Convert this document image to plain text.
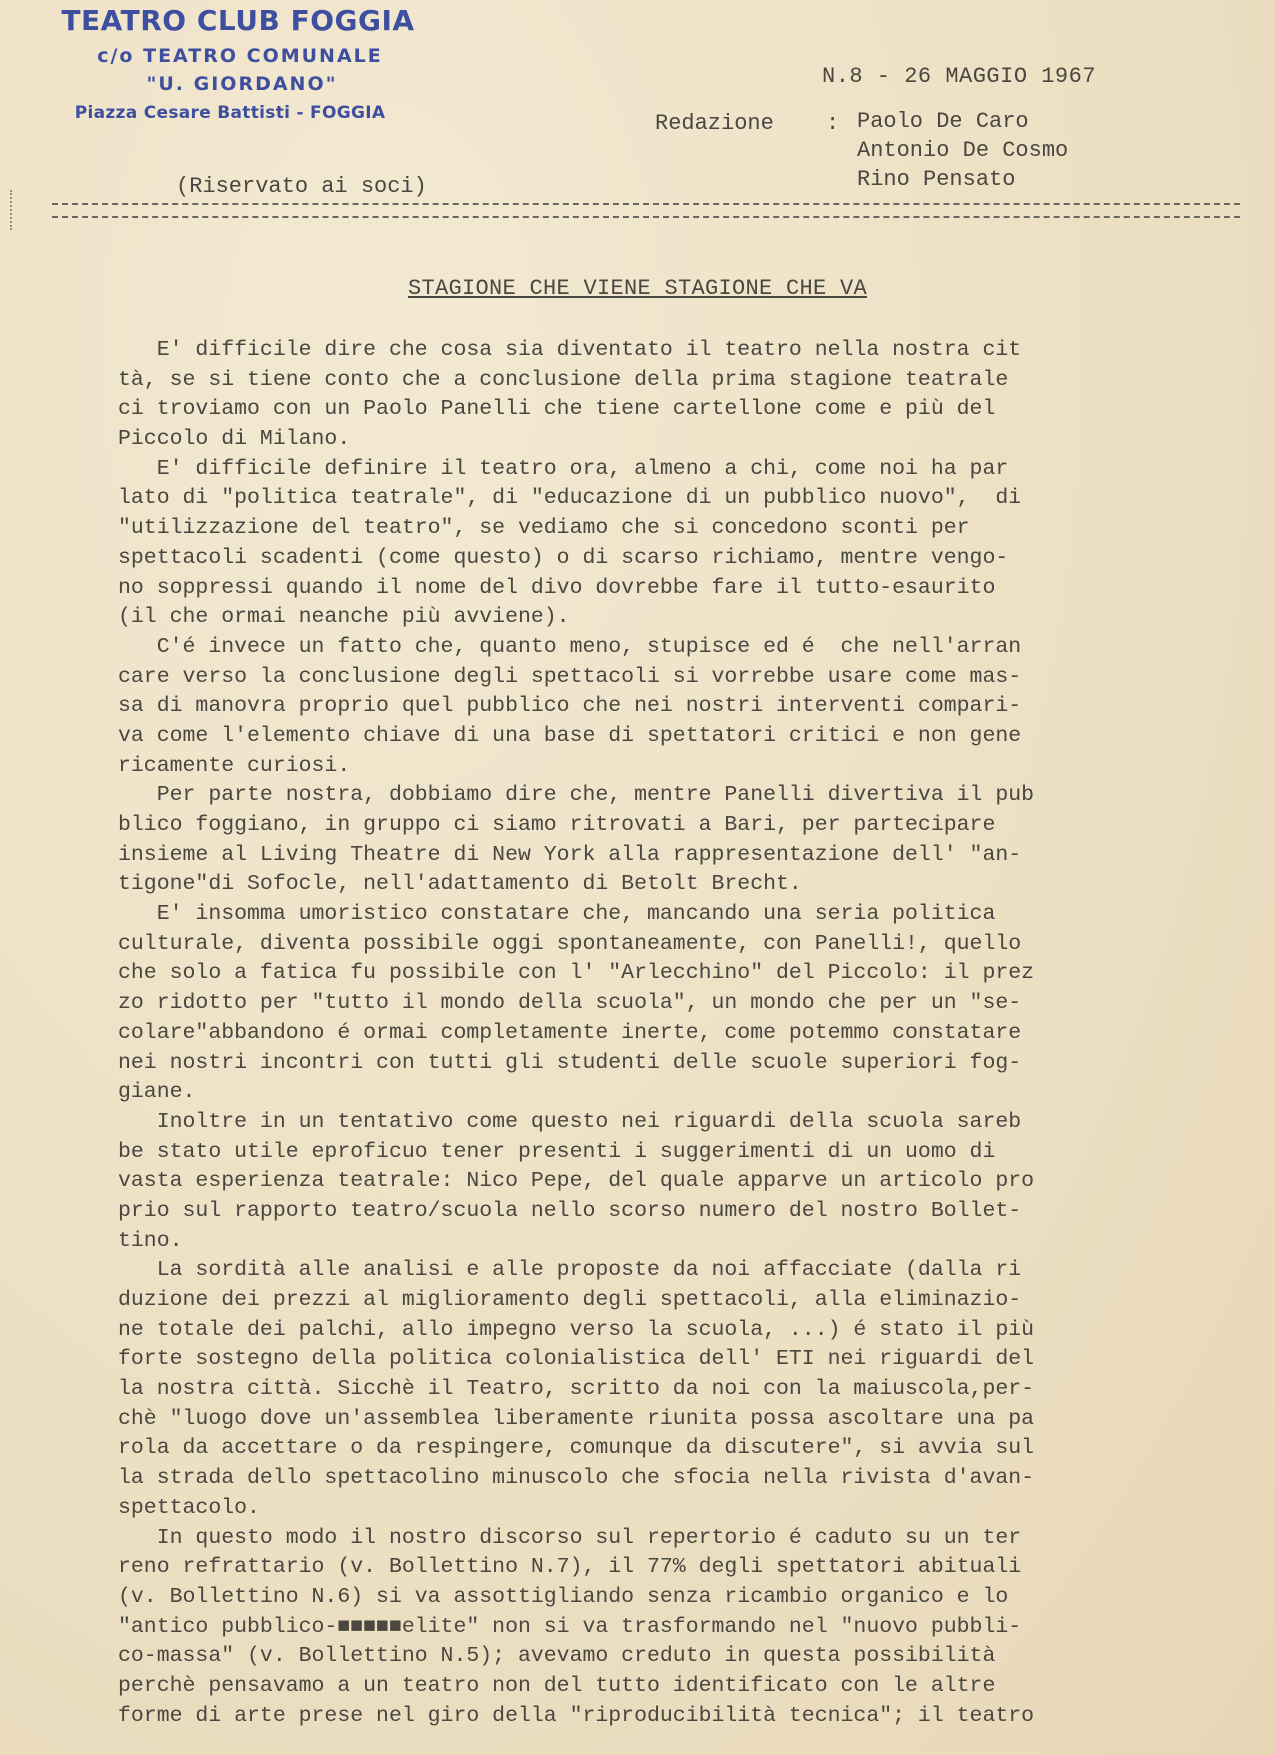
TEATRO CLUB FOGGIA
c/o TEATRO COMUNALE
"U. GIORDANO"
Piazza Cesare Battisti - FOGGIA
N.8 - 26 MAGGIO 1967
Redazione : Paolo De Caro
Antonio De Cosmo
Rino Pensato
(Riservato ai soci)
STAGIONE CHE VIENE STAGIONE CHE VA
E' difficile dire che cosa sia diventato il teatro nella nostra cit
tà, se si tiene conto che a conclusione della prima stagione teatrale
ci troviamo con un Paolo Panelli che tiene cartellone come e più del
Piccolo di Milano.
E' difficile definire il teatro ora, almeno a chi, come noi ha par
lato di "politica teatrale", di "educazione di un pubblico nuovo",  di
"utilizzazione del teatro", se vediamo che si concedono sconti per
spettacoli scadenti (come questo) o di scarso richiamo, mentre vengo-
no soppressi quando il nome del divo dovrebbe fare il tutto-esaurito
(il che ormai neanche più avviene).
C'é invece un fatto che, quanto meno, stupisce ed é  che nell'arran
care verso la conclusione degli spettacoli si vorrebbe usare come mas-
sa di manovra proprio quel pubblico che nei nostri interventi compari-
va come l'elemento chiave di una base di spettatori critici e non gene
ricamente curiosi.
Per parte nostra, dobbiamo dire che, mentre Panelli divertiva il pub
blico foggiano, in gruppo ci siamo ritrovati a Bari, per partecipare
insieme al Living Theatre di New York alla rappresentazione dell' "an-
tigone"di Sofocle, nell'adattamento di Betolt Brecht.
E' insomma umoristico constatare che, mancando una seria politica
culturale, diventa possibile oggi spontaneamente, con Panelli!, quello
che solo a fatica fu possibile con l' "Arlecchino" del Piccolo: il prez
zo ridotto per "tutto il mondo della scuola", un mondo che per un "se-
colare"abbandono é ormai completamente inerte, come potemmo constatare
nei nostri incontri con tutti gli studenti delle scuole superiori fog-
giane.
Inoltre in un tentativo come questo nei riguardi della scuola sareb
be stato utile eproficuo tener presenti i suggerimenti di un uomo di
vasta esperienza teatrale: Nico Pepe, del quale apparve un articolo pro
prio sul rapporto teatro/scuola nello scorso numero del nostro Bollet-
tino.
La sordità alle analisi e alle proposte da noi affacciate (dalla ri
duzione dei prezzi al miglioramento degli spettacoli, alla eliminazio-
ne totale dei palchi, allo impegno verso la scuola, ...) é stato il più
forte sostegno della politica colonialistica dell' ETI nei riguardi del
la nostra città. Sicchè il Teatro, scritto da noi con la maiuscola,per-
chè "luogo dove un'assemblea liberamente riunita possa ascoltare una pa
rola da accettare o da respingere, comunque da discutere", si avvia sul
la strada dello spettacolino minuscolo che sfocia nella rivista d'avan-
spettacolo.
In questo modo il nostro discorso sul repertorio é caduto su un ter
reno refrattario (v. Bollettino N.7), il 77% degli spettatori abituali
(v. Bollettino N.6) si va assottigliando senza ricambio organico e lo
"antico pubblico-■■■■■elite" non si va trasformando nel "nuovo pubbli-
co-massa" (v. Bollettino N.5); avevamo creduto in questa possibilità
perchè pensavamo a un teatro non del tutto identificato con le altre
forme di arte prese nel giro della "riproducibilità tecnica"; il teatro
